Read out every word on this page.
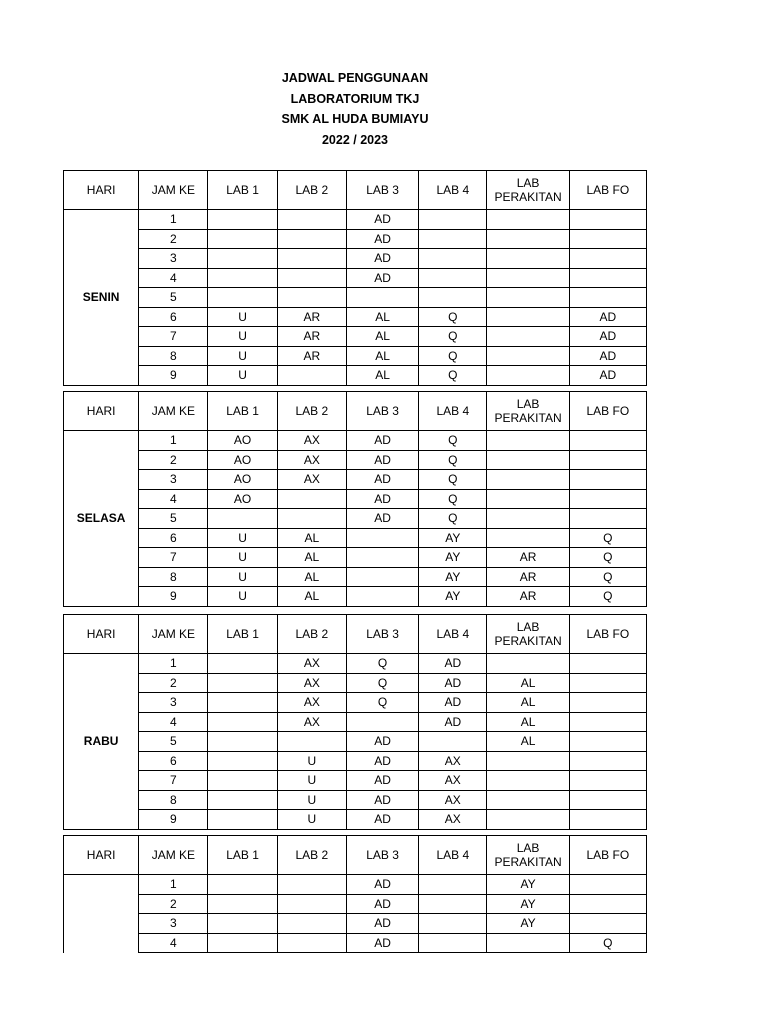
JADWAL PENGGUNAAN
LABORATORIUM TKJ
SMK AL HUDA BUMIAYU
2022 / 2023
HARI	JAM KE	LAB 1	LAB 2	LAB 3	LAB 4	LAB
PERAKITAN	LAB FO
SENIN	1			AD			
	2			AD			
	3			AD			
	4			AD			
	5						
	6	U	AR	AL	Q		AD
	7	U	AR	AL	Q		AD
	8	U	AR	AL	Q		AD
	9	U		AL	Q		AD
HARI	JAM KE	LAB 1	LAB 2	LAB 3	LAB 4	LAB
PERAKITAN	LAB FO
SELASA	1	AO	AX	AD	Q		
	2	AO	AX	AD	Q		
	3	AO	AX	AD	Q		
	4	AO		AD	Q		
	5			AD	Q		
	6	U	AL		AY		Q
	7	U	AL		AY	AR	Q
	8	U	AL		AY	AR	Q
	9	U	AL		AY	AR	Q
HARI	JAM KE	LAB 1	LAB 2	LAB 3	LAB 4	LAB
PERAKITAN	LAB FO
RABU	1		AX	Q	AD		
	2		AX	Q	AD	AL	
	3		AX	Q	AD	AL	
	4		AX		AD	AL	
	5			AD		AL	
	6		U	AD	AX		
	7		U	AD	AX		
	8		U	AD	AX		
	9		U	AD	AX		
HARI	JAM KE	LAB 1	LAB 2	LAB 3	LAB 4	LAB
PERAKITAN	LAB FO
	1			AD		AY	
	2			AD		AY	
	3			AD		AY	
	4			AD			Q
